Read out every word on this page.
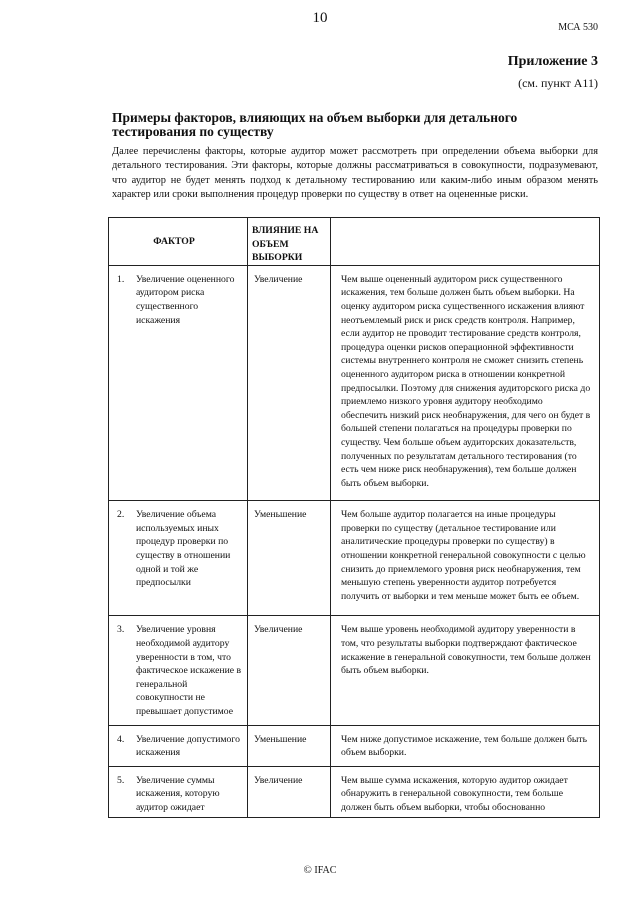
10
МСА 530
Приложение 3
(см. пункт A11)
Примеры факторов, влияющих на объем выборки для детального тестирования по существу
Далее перечислены факторы, которые аудитор может рассмотреть при определении объема выборки для детального тестирования. Эти факторы, которые должны рассматриваться в совокупности, подразумевают, что аудитор не будет менять подход к детальному тестированию или каким-либо иным образом менять характер или сроки выполнения процедур проверки по существу в ответ на оцененные риски.
ФАКТОР	ВЛИЯНИЕ НА ОБЪЕМ ВЫБОРКИ	

1. Увеличение оцененного аудитором риска существенного искажения	Увеличение	Чем выше оцененный аудитором риск существенного искажения, тем больше должен быть объем выборки. На оценку аудитором риска существенного искажения влияют неотъемлемый риск и риск средств контроля. Например, если аудитор не проводит тестирование средств контроля, процедура оценки рисков операционной эффективности системы внутреннего контроля не сможет снизить степень оцененного аудитором риска в отношении конкретной предпосылки. Поэтому для снижения аудиторского риска до приемлемо низкого уровня аудитору необходимо обеспечить низкий риск необнаружения, для чего он будет в большей степени полагаться на процедуры проверки по существу. Чем больше объем аудиторских доказательств, полученных по результатам детального тестирования (то есть чем ниже риск необнаружения), тем больше должен быть объем выборки.

2. Увеличение объема используемых иных процедур проверки по существу в отношении одной и той же предпосылки	Уменьшение	Чем больше аудитор полагается на иные процедуры проверки по существу (детальное тестирование или аналитические процедуры проверки по существу) в отношении конкретной генеральной совокупности с целью снизить до приемлемого уровня риск необнаружения, тем меньшую степень уверенности аудитор потребуется получить от выборки и тем меньше может быть ее объем.

3. Увеличение уровня необходимой аудитору уверенности в том, что фактическое искажение в генеральной совокупности не превышает допустимое	Увеличение	Чем выше уровень необходимой аудитору уверенности в том, что результаты выборки подтверждают фактическое искажение в генеральной совокупности, тем больше должен быть объем выборки.

4. Увеличение допустимого искажения	Уменьшение	Чем ниже допустимое искажение, тем больше должен быть объем выборки.

5. Увеличение суммы искажения, которую аудитор ожидает	Увеличение	Чем выше сумма искажения, которую аудитор ожидает обнаружить в генеральной совокупности, тем больше должен быть объем выборки, чтобы обоснованно
© IFAC
